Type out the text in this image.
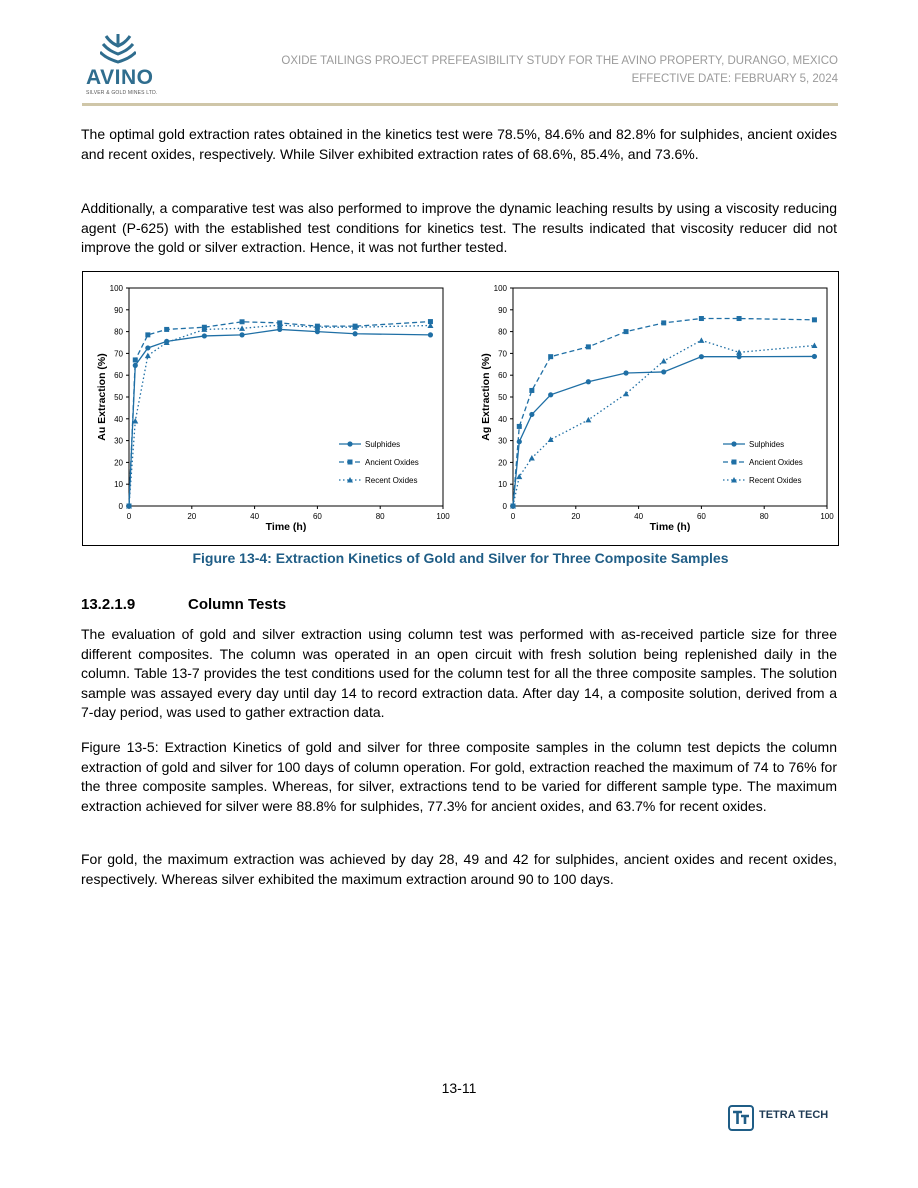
AVINO
SILVER & GOLD MINES LTD.
OXIDE TAILINGS PROJECT PREFEASIBILITY STUDY FOR THE AVINO PROPERTY, DURANGO, MEXICO
EFFECTIVE DATE: FEBRUARY 5, 2024

The optimal gold extraction rates obtained in the kinetics test were 78.5%, 84.6% and 82.8% for sulphides, ancient oxides and recent oxides, respectively. While Silver exhibited extraction rates of 68.6%, 85.4%, and 73.6%.

Additionally, a comparative test was also performed to improve the dynamic leaching results by using a viscosity reducing agent (P-625) with the established test conditions for kinetics test. The results indicated that viscosity reducer did not improve the gold or silver extraction. Hence, it was not further tested.

0
10
20
30
40
50
60
70
80
90
100
0	20	40	60	80	100
Time (h)
Au Extraction (%)
Sulphides
Ancient Oxides
Recent Oxides
0
10
20
30
40
50
60
70
80
90
100
0	20	40	60	80	100
Time (h)
Ag Extraction (%)
Sulphides
Ancient Oxides
Recent Oxides
Figure 13-4: Extraction Kinetics of Gold and Silver for Three Composite Samples
13.2.1.9	Column Tests

The evaluation of gold and silver extraction using column test was performed with as-received particle size for three different composites. The column was operated in an open circuit with fresh solution being replenished daily in the column. Table 13-7 provides the test conditions used for the column test for all the three composite samples. The solution sample was assayed every day until day 14 to record extraction data. After day 14, a composite solution, derived from a 7-day period, was used to gather extraction data.

Figure 13-5: Extraction Kinetics of gold and silver for three composite samples in the column test depicts the column extraction of gold and silver for 100 days of column operation. For gold, extraction reached the maximum of 74 to 76% for the three composite samples. Whereas, for silver, extractions tend to be varied for different sample type. The maximum extraction achieved for silver were 88.8% for sulphides, 77.3% for ancient oxides, and 63.7% for recent oxides.

For gold, the maximum extraction was achieved by day 28, 49 and 42 for sulphides, ancient oxides and recent oxides, respectively. Whereas silver exhibited the maximum extraction around 90 to 100 days.

13-11
TETRA TECH
